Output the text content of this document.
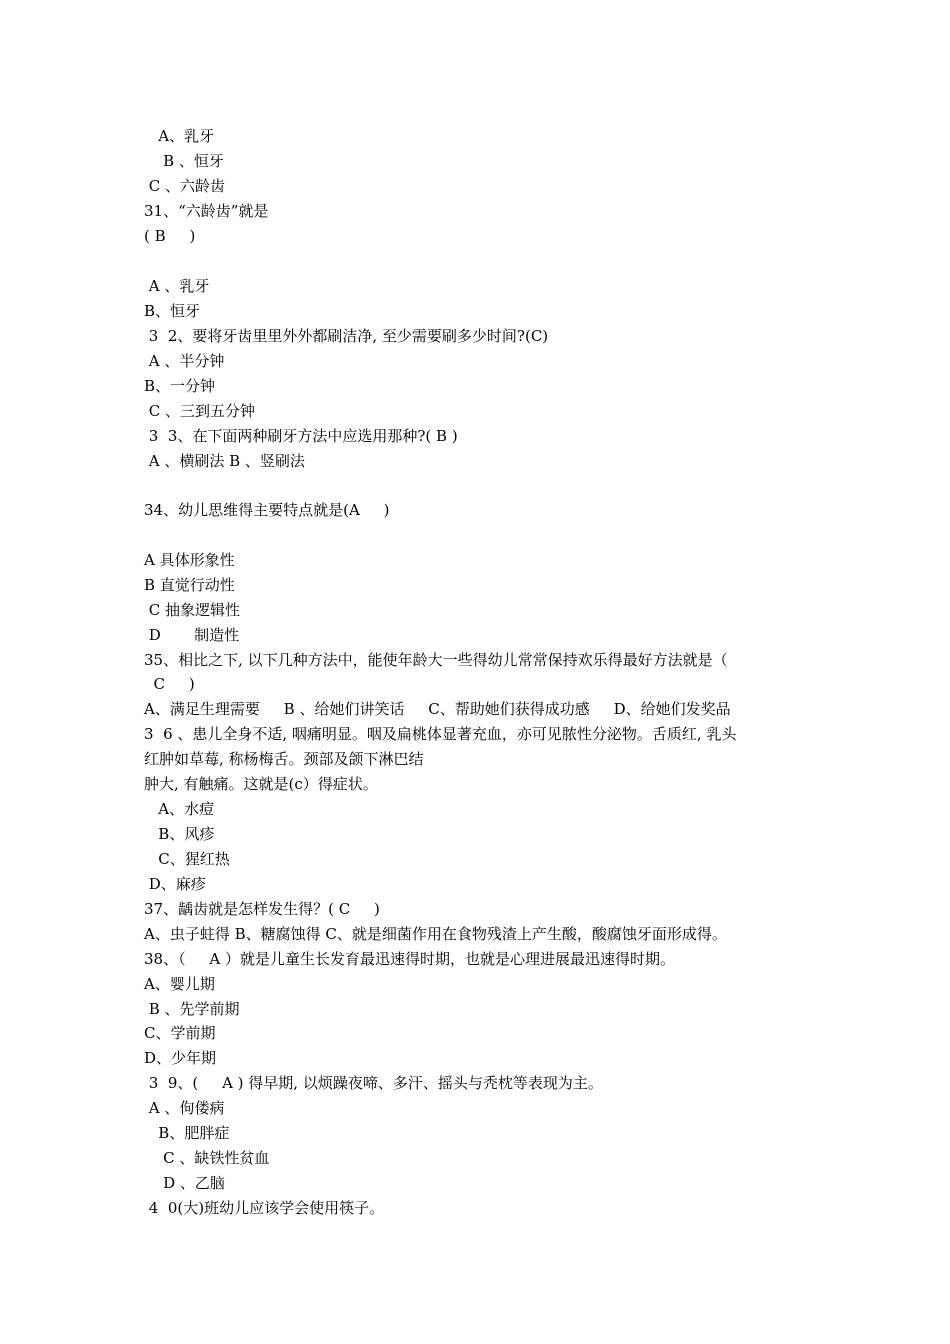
A、乳牙
B 、恒牙
C 、六龄齿
31、“六龄齿”就是
( B     )
A 、乳牙
B、恒牙
3  2、要将牙齿里里外外都刷洁净, 至少需要刷多少时间?(C)
A 、半分钟
B、一分钟
C 、三到五分钟
3  3、在下面两种刷牙方法中应选用那种?( B )
A 、横刷法 B 、竖刷法
34、幼儿思维得主要特点就是(A     )
A 具体形象性
B 直觉行动性
C 抽象逻辑性
D       制造性
35、相比之下, 以下几种方法中，能使年龄大一些得幼儿常常保持欢乐得最好方法就是（
C     )
A、满足生理需要     B 、给她们讲笑话     C、帮助她们获得成功感     D、给她们发奖品
3  6 、患儿全身不适, 咽痛明显。咽及扁桃体显著充血，亦可见脓性分泌物。舌质红, 乳头
红肿如草莓, 称杨梅舌。颈部及颌下淋巴结
肿大, 有触痛。这就是(c）得症状。
A、水痘
B、风疹
C、猩红热
D、麻疹
37、龋齿就是怎样发生得？( C     )
A、虫子蛀得 B、糖腐蚀得 C、就是细菌作用在食物残渣上产生酸，酸腐蚀牙面形成得。
38、（     A ）就是儿童生长发育最迅速得时期，也就是心理进展最迅速得时期。
A、婴儿期
B 、先学前期
C、学前期
D、少年期
3  9、(     A ) 得早期, 以烦躁夜啼、多汗、摇头与秃枕等表现为主。
A 、佝偻病
B、肥胖症
C 、缺铁性贫血
D 、乙脑
4  0(大)班幼儿应该学会使用筷子。
